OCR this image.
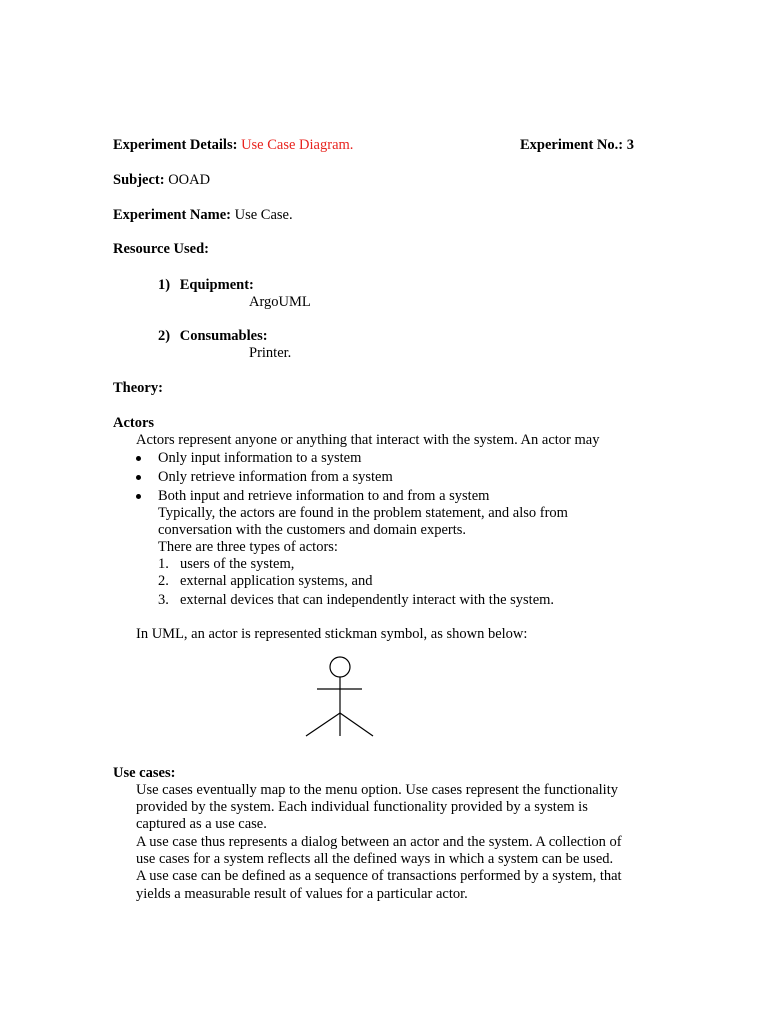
Experiment Details: Use Case Diagram.	Experiment No.: 3
Subject: OOAD
Experiment Name: Use Case.
Resource Used:
1) Equipment:
ArgoUML
2) Consumables:
Printer.
Theory:
Actors
Actors represent anyone or anything that interact with the system. An actor may
Only input information to a system
Only retrieve information from a system
Both input and retrieve information to and from a system
Typically, the actors are found in the problem statement, and also from
conversation with the customers and domain experts.
There are three types of actors:
1. users of the system,
2. external application systems, and
3. external devices that can independently interact with the system.
In UML, an actor is represented stickman symbol, as shown below:
Use cases:
Use cases eventually map to the menu option. Use cases represent the functionality
provided by the system. Each individual functionality provided by a system is
captured as a use case.
A use case thus represents a dialog between an actor and the system. A collection of
use cases for a system reflects all the defined ways in which a system can be used.
A use case can be defined as a sequence of transactions performed by a system, that
yields a measurable result of values for a particular actor.
